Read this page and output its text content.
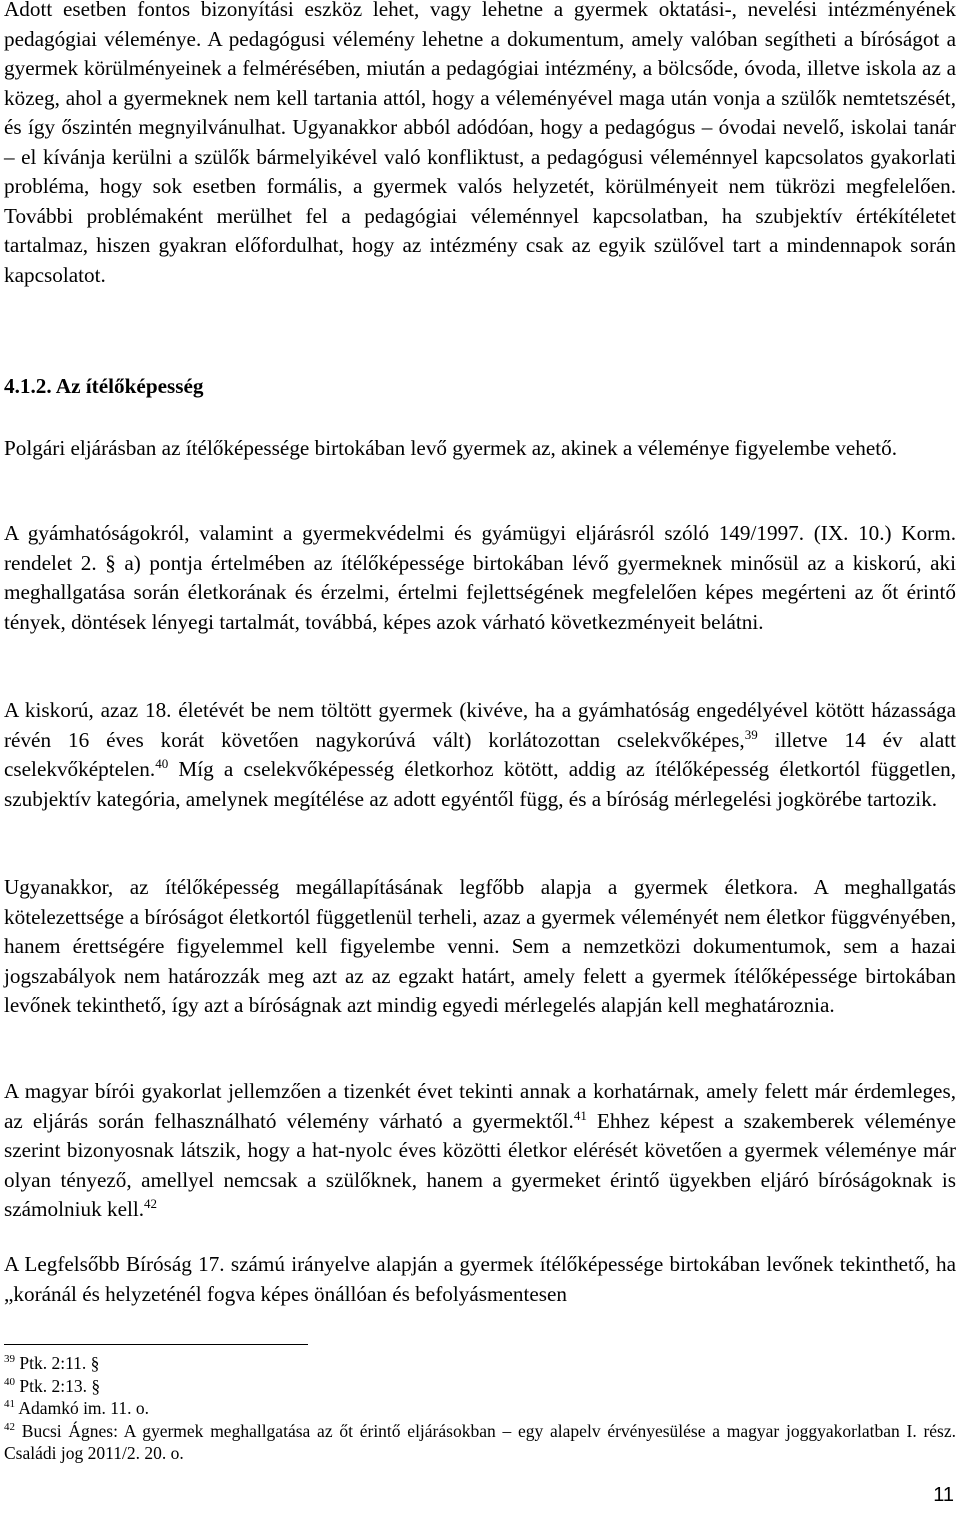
Adott esetben fontos bizonyítási eszköz lehet, vagy lehetne a gyermek oktatási-, nevelési intézményének pedagógiai véleménye. A pedagógusi vélemény lehetne a dokumentum, amely valóban segítheti a bíróságot a gyermek körülményeinek a felmérésében, miután a pedagógiai intézmény, a bölcsőde, óvoda, illetve iskola az a közeg, ahol a gyermeknek nem kell tartania attól, hogy a véleményével maga után vonja a szülők nemtetszését, és így őszintén megnyilvánulhat. Ugyanakkor abból adódóan, hogy a pedagógus – óvodai nevelő, iskolai tanár – el kívánja kerülni a szülők bármelyikével való konfliktust, a pedagógusi véleménnyel kapcsolatos gyakorlati probléma, hogy sok esetben formális, a gyermek valós helyzetét, körülményeit nem tükrözi megfelelően. További problémaként merülhet fel a pedagógiai véleménnyel kapcsolatban, ha szubjektív értékítéletet tartalmaz, hiszen gyakran előfordulhat, hogy az intézmény csak az egyik szülővel tart a mindennapok során kapcsolatot.

4.1.2. Az ítélőképesség

Polgári eljárásban az ítélőképessége birtokában levő gyermek az, akinek a véleménye figyelembe vehető.

A gyámhatóságokról, valamint a gyermekvédelmi és gyámügyi eljárásról szóló 149/1997. (IX. 10.) Korm. rendelet 2. § a) pontja értelmében az ítélőképessége birtokában lévő gyermeknek minősül az a kiskorú, aki meghallgatása során életkorának és érzelmi, értelmi fejlettségének megfelelően képes megérteni az őt érintő tények, döntések lényegi tartalmát, továbbá, képes azok várható következményeit belátni.

A kiskorú, azaz 18. életévét be nem töltött gyermek (kivéve, ha a gyámhatóság engedélyével kötött házassága révén 16 éves korát követően nagykorúvá vált) korlátozottan cselekvőképes,$^{39}$ illetve 14 év alatt cselekvőképtelen.$^{40}$ Míg a cselekvőképesség életkorhoz kötött, addig az ítélőképesség életkortól független, szubjektív kategória, amelynek megítélése az adott egyéntől függ, és a bíróság mérlegelési jogkörébe tartozik.

Ugyanakkor, az ítélőképesség megállapításának legfőbb alapja a gyermek életkora. A meghallgatás kötelezettsége a bíróságot életkortól függetlenül terheli, azaz a gyermek véleményét nem életkor függvényében, hanem érettségére figyelemmel kell figyelembe venni. Sem a nemzetközi dokumentumok, sem a hazai jogszabályok nem határozzák meg azt az az egzakt határt, amely felett a gyermek ítélőképessége birtokában levőnek tekinthető, így azt a bíróságnak azt mindig egyedi mérlegelés alapján kell meghatároznia.

A magyar bírói gyakorlat jellemzően a tizenkét évet tekinti annak a korhatárnak, amely felett már érdemleges, az eljárás során felhasználható vélemény várható a gyermektől.$^{41}$ Ehhez képest a szakemberek véleménye szerint bizonyosnak látszik, hogy a hat-nyolc éves közötti életkor elérését követően a gyermek véleménye már olyan tényező, amellyel nemcsak a szülőknek, hanem a gyermeket érintő ügyekben eljáró bíróságoknak is számolniuk kell.$^{42}$

A Legfelsőbb Bíróság 17. számú irányelve alapján a gyermek ítélőképessége birtokában levőnek tekinthető, ha „koránál és helyzeténél fogva képes önállóan és befolyásmentesen

$^{39}$ Ptk. 2:11. §

$^{40}$ Ptk. 2:13. §

$^{41}$ Adamkó im. 11. o.

$^{42}$ Bucsi Ágnes: A gyermek meghallgatása az őt érintő eljárásokban – egy alapelv érvényesülése a magyar joggyakorlatban I. rész. Családi jog 2011/2. 20. o.

11
